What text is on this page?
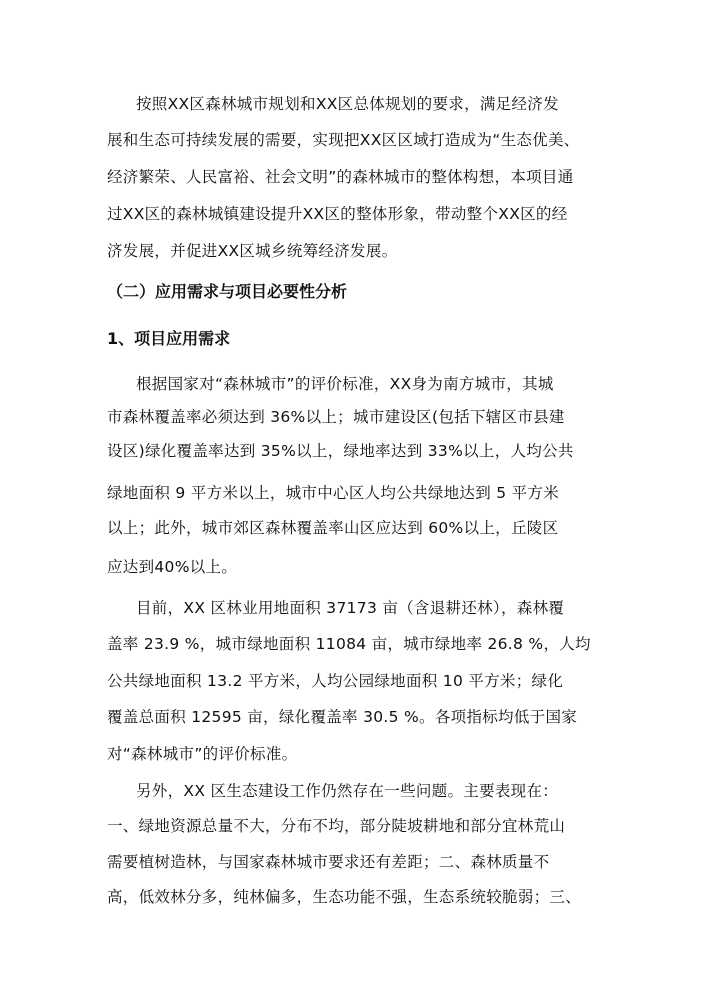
按照XX区森林城市规划和XX区总体规划的要求，满足经济发
展和生态可持续发展的需要，实现把XX区区域打造成为“生态优美、
经济繁荣、人民富裕、社会文明”的森林城市的整体构想，本项目通
过XX区的森林城镇建设提升XX区的整体形象，带动整个XX区的经
济发展，并促进XX区城乡统筹经济发展。
（二）应用需求与项目必要性分析
1、项目应用需求
根据国家对“森林城市”的评价标准，XX身为南方城市，其城
市森林覆盖率必须达到 36%以上；城市建设区(包括下辖区市县建
设区)绿化覆盖率达到 35%以上，绿地率达到 33%以上，人均公共
绿地面积 9 平方米以上，城市中心区人均公共绿地达到 5 平方米
以上；此外，城市郊区森林覆盖率山区应达到 60%以上，丘陵区
应达到40%以上。
目前，XX 区林业用地面积 37173 亩（含退耕还林），森林覆
盖率 23.9 %，城市绿地面积 11084 亩，城市绿地率 26.8 %，人均
公共绿地面积 13.2 平方米，人均公园绿地面积 10 平方米；绿化
覆盖总面积 12595 亩，绿化覆盖率 30.5 %。各项指标均低于国家
对“森林城市”的评价标准。
另外，XX 区生态建设工作仍然存在一些问题。主要表现在：
一、绿地资源总量不大，分布不均，部分陡坡耕地和部分宜林荒山
需要植树造林，与国家森林城市要求还有差距；二、森林质量不
高，低效林分多，纯林偏多，生态功能不强，生态系统较脆弱；三、
